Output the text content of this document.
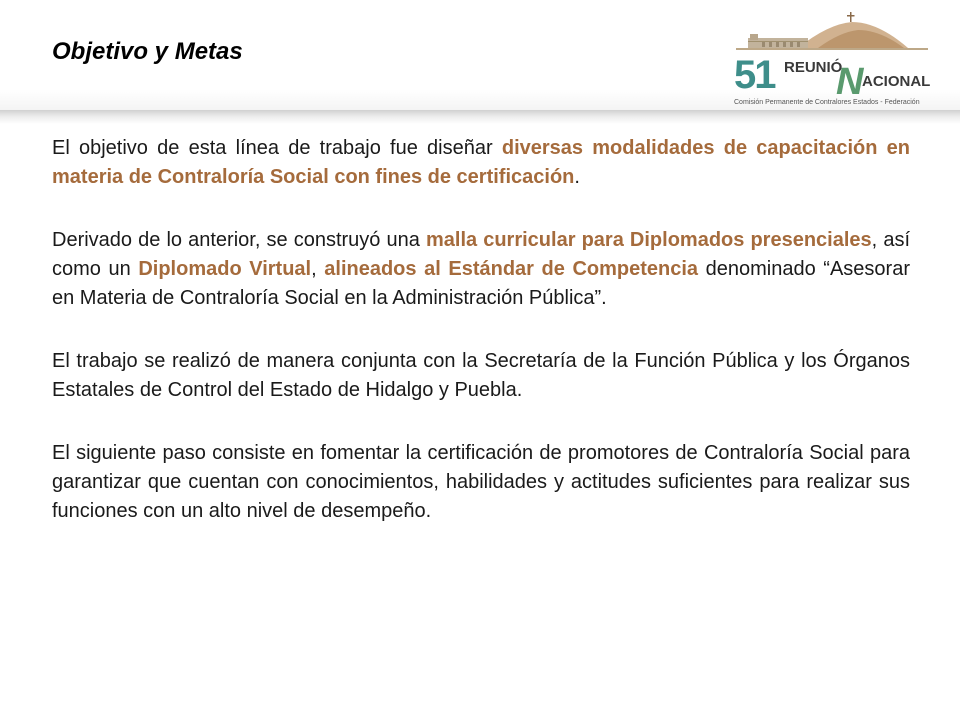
Objetivo y Metas
51 REUNIÓ
N
ACIONAL
Comisión Permanente de Contralores Estados - Federación

El objetivo de esta línea de trabajo fue diseñar diversas modalidades de capacitación en materia de Contraloría Social con fines de certificación.

Derivado de lo anterior, se construyó una malla curricular para Diplomados presenciales, así como un Diplomado Virtual, alineados al Estándar de Competencia denominado “Asesorar en Materia de Contraloría Social en la Administración Pública”.

El trabajo se realizó de manera conjunta con la Secretaría de la Función Pública y los Órganos Estatales de Control del Estado de Hidalgo y Puebla.

El siguiente paso consiste en fomentar la certificación de promotores de Contraloría Social para garantizar que cuentan con conocimientos, habilidades y actitudes suficientes para realizar sus funciones con un alto nivel de desempeño.
